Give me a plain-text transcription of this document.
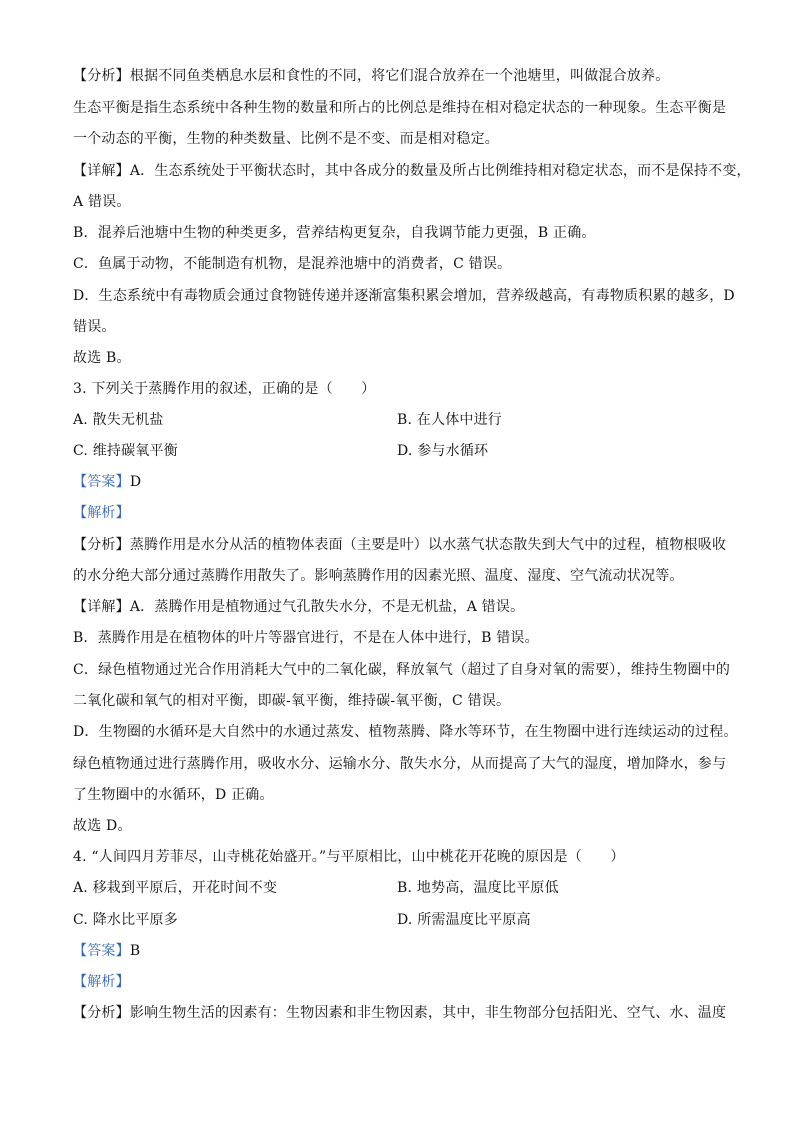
【分析】根据不同鱼类栖息水层和食性的不同，将它们混合放养在一个池塘里，叫做混合放养。
生态平衡是指生态系统中各种生物的数量和所占的比例总是维持在相对稳定状态的一种现象。生态平衡是
一个动态的平衡，生物的种类数量、比例不是不变、而是相对稳定。
【详解】A．生态系统处于平衡状态时，其中各成分的数量及所占比例维持相对稳定状态，而不是保持不变，
A 错误。
B．混养后池塘中生物的种类更多，营养结构更复杂，自我调节能力更强，B 正确。
C．鱼属于动物，不能制造有机物，是混养池塘中的消费者，C 错误。
D．生态系统中有毒物质会通过食物链传递并逐渐富集积累会增加，营养级越高，有毒物质积累的越多，D
错误。
故选 B。
3. 下列关于蒸腾作用的叙述，正确的是（　　）
A. 散失无机盐	B. 在人体中进行
C. 维持碳氧平衡	D. 参与水循环
【答案】D
【解析】
【分析】蒸腾作用是水分从活的植物体表面（主要是叶）以水蒸气状态散失到大气中的过程，植物根吸收
的水分绝大部分通过蒸腾作用散失了。影响蒸腾作用的因素光照、温度、湿度、空气流动状况等。
【详解】A．蒸腾作用是植物通过气孔散失水分，不是无机盐，A 错误。
B．蒸腾作用是在植物体的叶片等器官进行，不是在人体中进行，B 错误。
C．绿色植物通过光合作用消耗大气中的二氧化碳，释放氧气（超过了自身对氧的需要），维持生物圈中的
二氧化碳和氧气的相对平衡，即碳-氧平衡，维持碳-氧平衡，C 错误。
D．生物圈的水循环是大自然中的水通过蒸发、植物蒸腾、降水等环节，在生物圈中进行连续运动的过程。
绿色植物通过进行蒸腾作用，吸收水分、运输水分、散失水分，从而提高了大气的湿度，增加降水，参与
了生物圈中的水循环，D 正确。
故选 D。
4. “人间四月芳菲尽，山寺桃花始盛开。”与平原相比，山中桃花开花晚的原因是（　　）
A. 移栽到平原后，开花时间不变	B. 地势高，温度比平原低
C. 降水比平原多	D. 所需温度比平原高
【答案】B
【解析】
【分析】影响生物生活的因素有：生物因素和非生物因素，其中，非生物部分包括阳光、空气、水、温度
